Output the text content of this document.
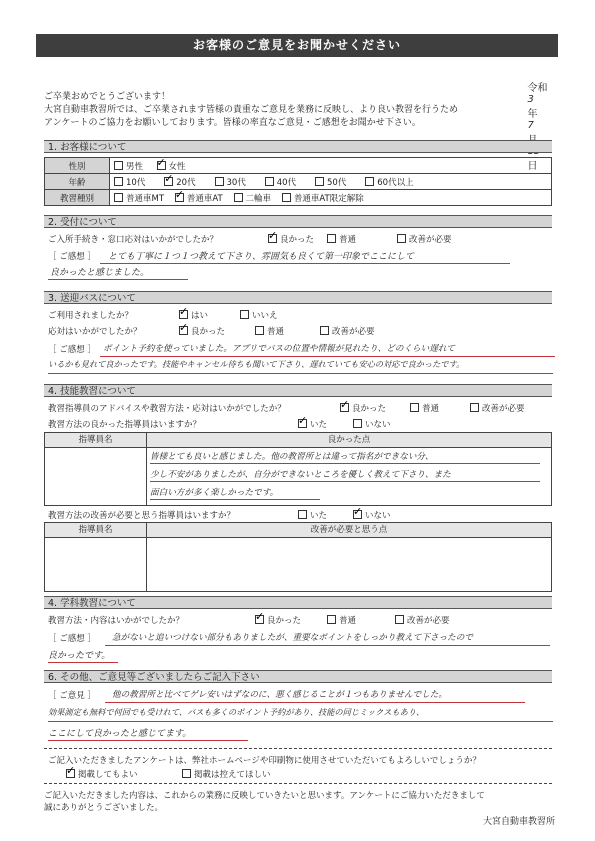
お客様のご意見をお聞かせください

令和
3
年
7

日

ご卒業おめでとうございます！
大宮自動車教習所では、ご卒業されます皆様の貴重なご意見を業務に反映し、より良い教習を行うため
アンケートのご協力をお願いしております。皆様の率直なご意見・ご感想をお聞かせ下さい。
1. お客様について
性別	男性 ✓ 女性
年齢	10代 ✓ 20代 30代 40代 50代 60代以上
教習種別	普通車MT ✓ 普通車AT 二輪車 普通車AT限定解除
2. 受付について
ご入所手続き・窓口応対はいかがでしたか？ ✓	良かった	普通	改善が必要
［ ご感想 ］ とても丁寧に１つ１つ教えて下さり、雰囲気も良くて第一印象でここにして
良かったと感じました。
3. 送迎バスについて
ご利用されましたか？ ✓	はい	いいえ
応対はいかがでしたか？ ✓	良かった	普通	改善が必要
［ ご感想 ］ ポイント予約を使っていました。アプリでバスの位置や情報が見れたり、どのくらい遅れて
いるかも見れて良かったです。技能やキャンセル待ちも聞いて下さり、遅れていても安心の対応で良かったです。
4. 技能教習について
教習指導員のアドバイスや教習方法・応対はいかがでしたか？ ✓	良かった	普通	改善が必要
教習方法の良かった指導員はいますか？ ✓	いた	いない
指導員名	良かった点
皆様とても良いと感じました。他の教習所とは違って指名ができない分、
少し不安がありましたが、自分ができないところを優しく教えて下さり、また
面白い方が多く楽しかったです。
教習方法の改善が必要と思う指導員はいますか？	いた ✓	いない
指導員名	改善が必要と思う点
4. 学科教習について
教習方法・内容はいかがでしたか？ ✓	良かった	普通	改善が必要
［ ご感想 ］ 急がないと追いつけない部分もありましたが、重要なポイントをしっかり教えて下さったので
良かったです。
6. その他、ご意見等ございましたらご記入下さい
［ ご意見 ］ 他の教習所と比べてゲレ安いはずなのに、悪く感じることが１つもありませんでした。
効果測定も無料で何回でも受けれて、バスも多くのポイント予約があり、技能の同じミックスもあり、
ここにして良かったと感じてます。
ご記入いただきましたアンケートは、弊社ホームページや印刷物に使用させていただいてもよろしいでしょうか？
✓掲載してもよい	掲載は控えてほしい
ご記入いただきました内容は、これからの業務に反映していきたいと思います。アンケートにご協力いただきまして
誠にありがとうございました。
大宮自動車教習所
